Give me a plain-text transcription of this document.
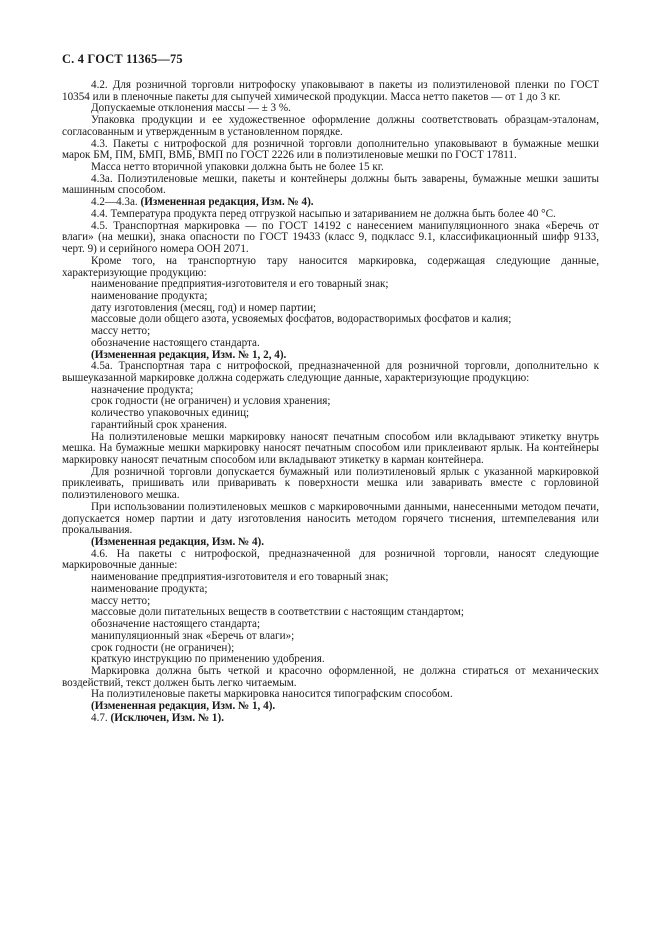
С. 4 ГОСТ 11365—75

4.2. Для розничной торговли нитрофоску упаковывают в пакеты из полиэтиленовой пленки по ГОСТ 10354 или в пленочные пакеты для сыпучей химической продукции. Масса нетто пакетов — от 1 до 3 кг.

Допускаемые отклонения массы — ± 3 %.

Упаковка продукции и ее художественное оформление должны соответствовать образцам-эталонам, согласованным и утвержденным в установленном порядке.

4.3. Пакеты с нитрофоской для розничной торговли дополнительно упаковывают в бумажные мешки марок БМ, ПМ, БМП, ВМБ, ВМП по ГОСТ 2226 или в полиэтиленовые мешки по ГОСТ 17811.

Масса нетто вторичной упаковки должна быть не более 15 кг.

4.3а. Полиэтиленовые мешки, пакеты и контейнеры должны быть заварены, бумажные мешки зашиты машинным способом.

4.2—4.3а. (Измененная редакция, Изм. № 4).

4.4. Температура продукта перед отгрузкой насыпью и затариванием не должна быть более 40 °С.

4.5. Транспортная маркировка — по ГОСТ 14192 с нанесением манипуляционного знака «Беречь от влаги» (на мешки), знака опасности по ГОСТ 19433 (класс 9, подкласс 9.1, классификационный шифр 9133, черт. 9) и серийного номера ООН 2071.

Кроме того, на транспортную тару наносится маркировка, содержащая следующие данные, характеризующие продукцию:

наименование предприятия-изготовителя и его товарный знак;

наименование продукта;

дату изготовления (месяц, год) и номер партии;

массовые доли общего азота, усвояемых фосфатов, водорастворимых фосфатов и калия;

массу нетто;

обозначение настоящего стандарта.

(Измененная редакция, Изм. № 1, 2, 4).

4.5а. Транспортная тара с нитрофоской, предназначенной для розничной торговли, дополнительно к вышеуказанной маркировке должна содержать следующие данные, характеризующие продукцию:

назначение продукта;

срок годности (не ограничен) и условия хранения;

количество упаковочных единиц;

гарантийный срок хранения.

На полиэтиленовые мешки маркировку наносят печатным способом или вкладывают этикетку внутрь мешка. На бумажные мешки маркировку наносят печатным способом или приклеивают ярлык. На контейнеры маркировку наносят печатным способом или вкладывают этикетку в карман контейнера.

Для розничной торговли допускается бумажный или полиэтиленовый ярлык с указанной маркировкой приклеивать, пришивать или приваривать к поверхности мешка или заваривать вместе с горловиной полиэтиленового мешка.

При использовании полиэтиленовых мешков с маркировочными данными, нанесенными методом печати, допускается номер партии и дату изготовления наносить методом горячего тиснения, штемпелевания или прокалывания.

(Измененная редакция, Изм. № 4).

4.6. На пакеты с нитрофоской, предназначенной для розничной торговли, наносят следующие маркировочные данные:

наименование предприятия-изготовителя и его товарный знак;

наименование продукта;

массу нетто;

массовые доли питательных веществ в соответствии с настоящим стандартом;

обозначение настоящего стандарта;

манипуляционный знак «Беречь от влаги»;

срок годности (не ограничен);

краткую инструкцию по применению удобрения.

Маркировка должна быть четкой и красочно оформленной, не должна стираться от механических воздействий, текст должен быть легко читаемым.

На полиэтиленовые пакеты маркировка наносится типографским способом.

(Измененная редакция, Изм. № 1, 4).

4.7. (Исключен, Изм. № 1).
